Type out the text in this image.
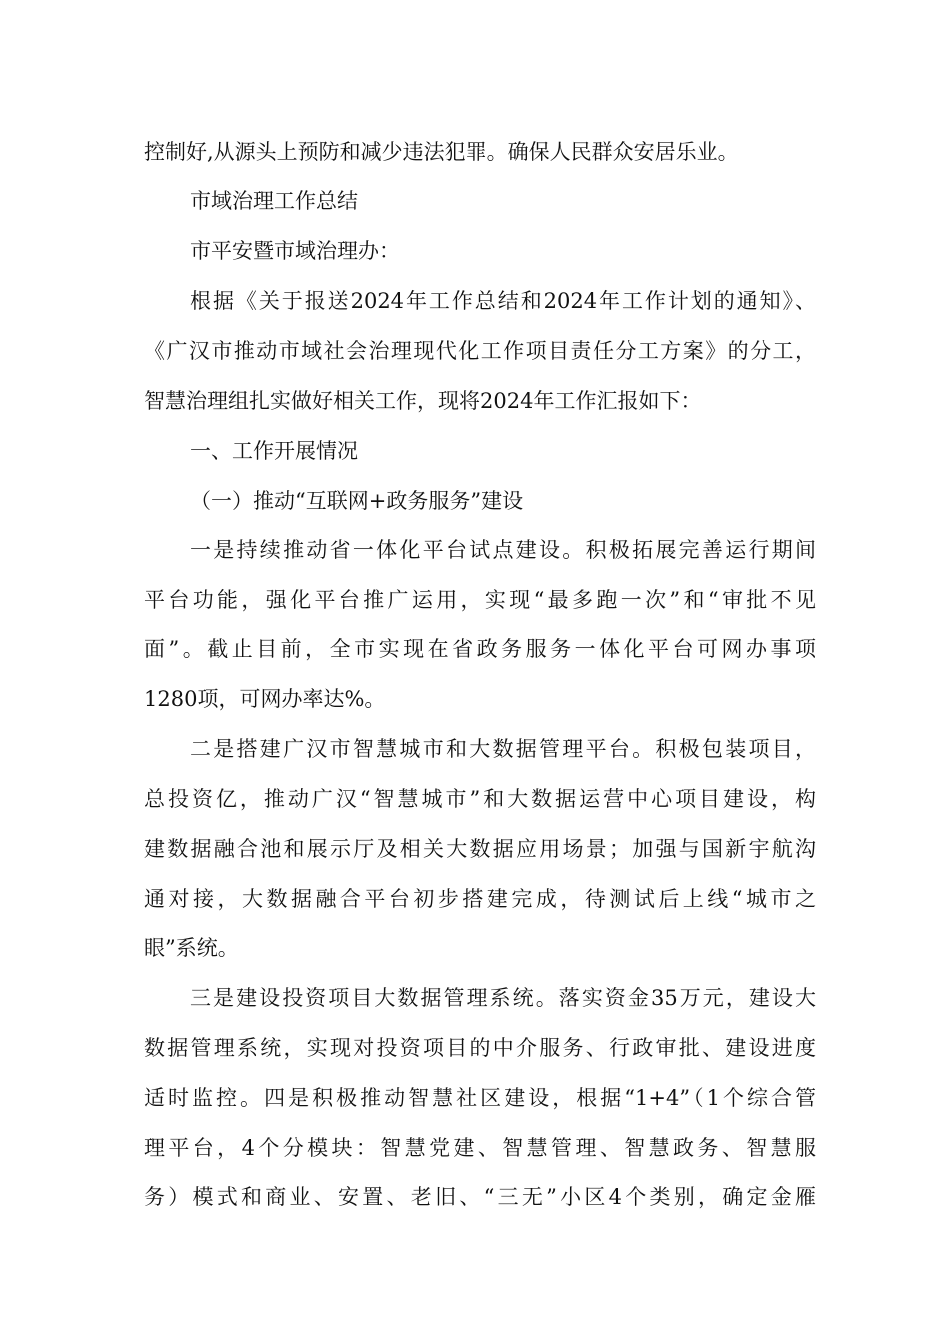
控制好,从源头上预防和减少违法犯罪。确保人民群众安居乐业。
市域治理工作总结
市平安暨市域治理办：
根据《关于报送2024年工作总结和2024年工作计划的通知》、
《广汉市推动市域社会治理现代化工作项目责任分工方案》的分工，
智慧治理组扎实做好相关工作，现将2024年工作汇报如下：
一、工作开展情况
（一）推动“互联网+政务服务”建设
一是持续推动省一体化平台试点建设。积极拓展完善运行期间
平台功能，强化平台推广运用，实现“最多跑一次”和“审批不见
面”。截止目前，全市实现在省政务服务一体化平台可网办事项
1280项，可网办率达%。
二是搭建广汉市智慧城市和大数据管理平台。积极包装项目，
总投资亿，推动广汉“智慧城市”和大数据运营中心项目建设，构
建数据融合池和展示厅及相关大数据应用场景；加强与国新宇航沟
通对接，大数据融合平台初步搭建完成，待测试后上线“城市之
眼”系统。
三是建设投资项目大数据管理系统。落实资金35万元，建设大
数据管理系统，实现对投资项目的中介服务、行政审批、建设进度
适时监控。四是积极推动智慧社区建设，根据“1+4”（1个综合管
理平台，4个分模块：智慧党建、智慧管理、智慧政务、智慧服
务）模式和商业、安置、老旧、“三无”小区4个类别，确定金雁
